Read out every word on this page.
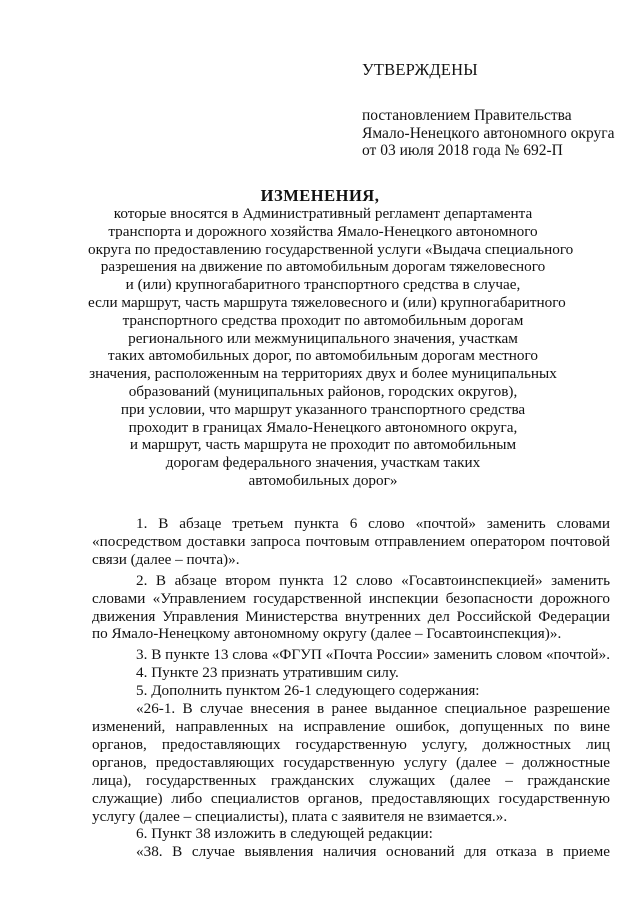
УТВЕРЖДЕНЫ
постановлением Правительства
Ямало-Ненецкого автономного округа
от 03 июля 2018 года № 692-П
ИЗМЕНЕНИЯ,
которые вносятся в Административный регламент департамента
транспорта и дорожного хозяйства Ямало-Ненецкого автономного
округа по предоставлению государственной услуги «Выдача специального
разрешения на движение по автомобильным дорогам тяжеловесного
и (или) крупногабаритного транспортного средства в случае,
если маршрут, часть маршрута тяжеловесного и (или) крупногабаритного
транспортного средства проходит по автомобильным дорогам
регионального или межмуниципального значения, участкам
таких автомобильных дорог, по автомобильным дорогам местного
значения, расположенным на территориях двух и более муниципальных
образований (муниципальных районов, городских округов),
при условии, что маршрут указанного транспортного средства
проходит в границах Ямало-Ненецкого автономного округа,
и маршрут, часть маршрута не проходит по автомобильным
дорогам федерального значения, участкам таких
автомобильных дорог»
1. В абзаце третьем пункта 6 слово «почтой» заменить словами
«посредством доставки запроса почтовым отправлением оператором почтовой
связи (далее – почта)».
2. В абзаце втором пункта 12 слово «Госавтоинспекцией» заменить
словами «Управлением государственной инспекции безопасности дорожного
движения Управления Министерства внутренних дел Российской Федерации
по Ямало-Ненецкому автономному округу (далее – Госавтоинспекция)».
3. В пункте 13 слова «ФГУП «Почта России» заменить словом «почтой».
4. Пункте 23 признать утратившим силу.
5. Дополнить пунктом 26-1 следующего содержания:
«26-1. В случае внесения в ранее выданное специальное разрешение
изменений, направленных на исправление ошибок, допущенных по вине
органов, предоставляющих государственную услугу, должностных лиц
органов, предоставляющих государственную услугу (далее – должностные
лица), государственных гражданских служащих (далее – гражданские
служащие) либо специалистов органов, предоставляющих государственную
услугу (далее – специалисты), плата с заявителя не взимается.».
6. Пункт 38 изложить в следующей редакции:
«38. В случае выявления наличия оснований для отказа в приеме
